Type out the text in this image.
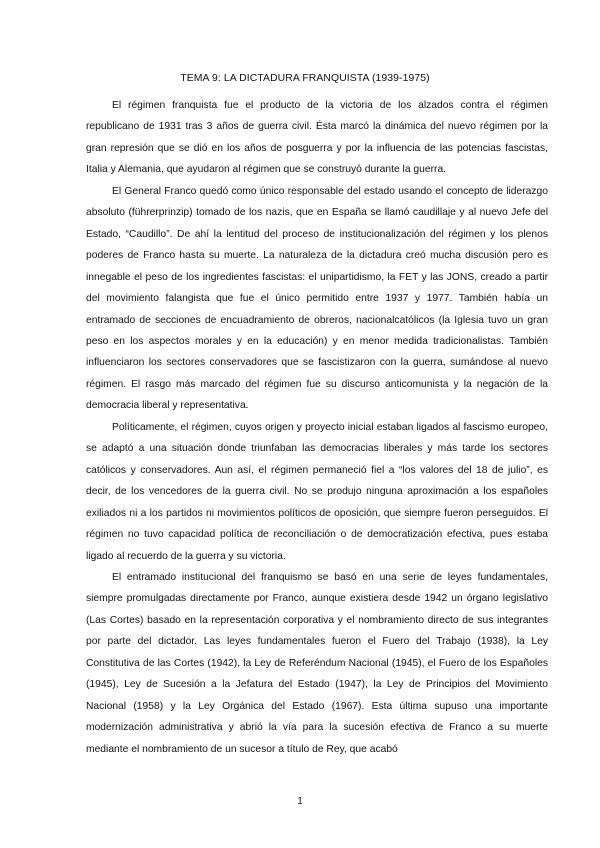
TEMA 9: LA DICTADURA FRANQUISTA (1939-1975)

El régimen franquista fue el producto de la victoria de los alzados contra el régimen republicano de 1931 tras 3 años de guerra civil. Ésta marcó la dinámica del nuevo régimen por la gran represión que se dió en los años de posguerra y por la influencia de las potencias fascistas, Italia y Alemania, que ayudaron al régimen que se construyó durante la guerra.

El General Franco quedó como único responsable del estado usando el concepto de liderazgo absoluto (führerprinzip) tomado de los nazis, que en España se llamó caudillaje y al nuevo Jefe del Estado, “Caudillo”. De ahí la lentitud del proceso de institucionalización del régimen y los plenos poderes de Franco hasta su muerte. La naturaleza de la dictadura creó mucha discusión pero es innegable el peso de los ingredientes fascistas: el unipartidismo, la FET y las JONS, creado a partir del movimiento falangista que fue el único permitido entre 1937 y 1977. También había un entramado de secciones de encuadramiento de obreros, nacionalcatólicos (la Iglesia tuvo un gran peso en los aspectos morales y en la educación) y en menor medida tradicionalistas. También influenciaron los sectores conservadores que se fascistizaron con la guerra, sumándose al nuevo régimen. El rasgo más marcado del régimen fue su discurso anticomunista y la negación de la democracia liberal y representativa.

Políticamente, el régimen, cuyos origen y proyecto inicial estaban ligados al fascismo europeo, se adaptó a una situación donde triunfaban las democracias liberales y más tarde los sectores católicos y conservadores. Aun así, el régimen permaneció fiel a “los valores del 18 de julio”, es decir, de los vencedores de la guerra civil. No se produjo ninguna aproximación a los españoles exiliados ni a los partidos ni movimientos políticos de oposición, que siempre fueron perseguidos. El régimen no tuvo capacidad política de reconciliación o de democratización efectiva, pues estaba ligado al recuerdo de la guerra y su victoria.

El entramado institucional del franquismo se basó en una serie de leyes fundamentales, siempre promulgadas directamente por Franco, aunque existiera desde 1942 un órgano legislativo (Las Cortes) basado en la representación corporativa y el nombramiento directo de sus integrantes por parte del dictador. Las leyes fundamentales fueron el Fuero del Trabajo (1938), la Ley Constitutiva de las Cortes (1942), la Ley de Referéndum Nacional (1945), el Fuero de los Españoles (1945), Ley de Sucesión a la Jefatura del Estado (1947), la Ley de Principios del Movimiento Nacional (1958) y la Ley Orgánica del Estado (1967). Esta última supuso una importante modernización administrativa y abrió la vía para la sucesión efectiva de Franco a su muerte mediante el nombramiento de un sucesor a título de Rey, que acabó

1
